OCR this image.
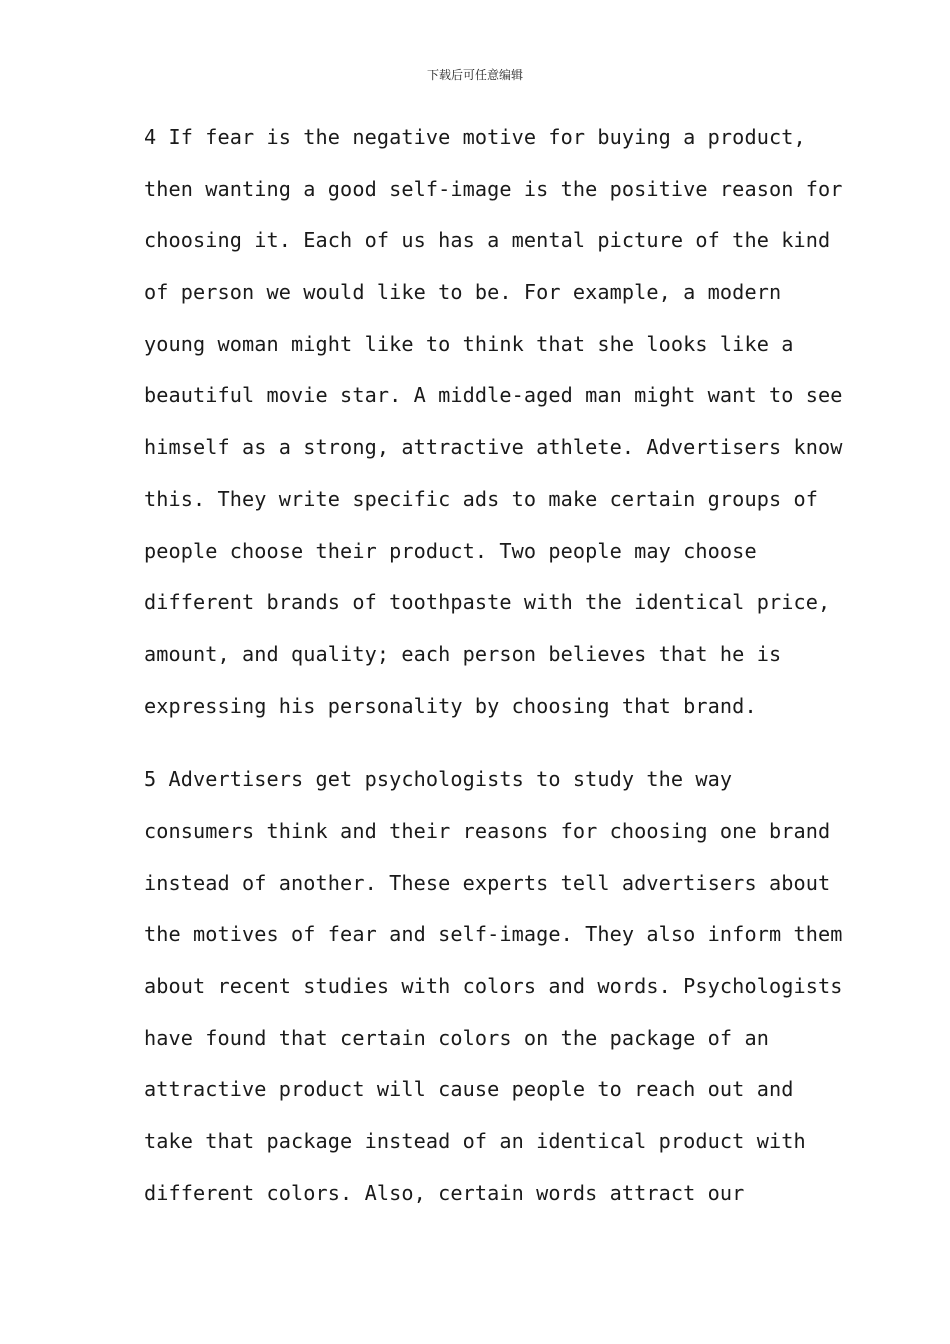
下载后可任意编辑

4 If fear is the negative motive for buying a product,
then wanting a good self-image is the positive reason for
choosing it. Each of us has a mental picture of the kind
of person we would like to be. For example, a modern
young woman might like to think that she looks like a
beautiful movie star. A middle-aged man might want to see
himself as a strong, attractive athlete. Advertisers know
this. They write specific ads to make certain groups of
people choose their product. Two people may choose
different brands of toothpaste with the identical price,
amount, and quality; each person believes that he is
expressing his personality by choosing that brand.
5 Advertisers get psychologists to study the way
consumers think and their reasons for choosing one brand
instead of another. These experts tell advertisers about
the motives of fear and self-image. They also inform them
about recent studies with colors and words. Psychologists
have found that certain colors on the package of an
attractive product will cause people to reach out and
take that package instead of an identical product with
different colors. Also, certain words attract our
